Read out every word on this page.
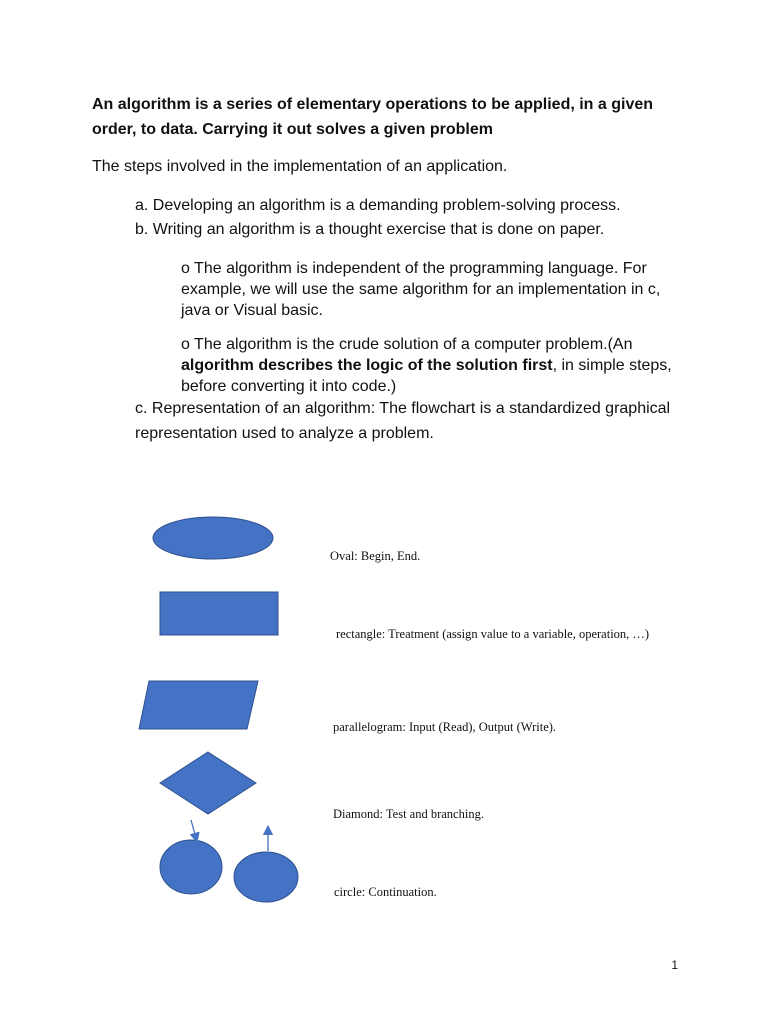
An algorithm is a series of elementary operations to be applied, in a given order, to data. Carrying it out solves a given problem

The steps involved in the implementation of an application.

a. Developing an algorithm is a demanding problem-solving process.

b. Writing an algorithm is a thought exercise that is done on paper.

o The algorithm is independent of the programming language. For example, we will use the same algorithm for an implementation in c, java or Visual basic.

o The algorithm is the crude solution of a computer problem.(An algorithm describes the logic of the solution first, in simple steps, before converting it into code.)

c. Representation of an algorithm: The flowchart is a standardized graphical representation used to analyze a problem.

Oval: Begin, End.

rectangle: Treatment (assign value to a variable, operation, …)

parallelogram: Input (Read), Output (Write).

Diamond: Test and branching.

circle: Continuation.

1
